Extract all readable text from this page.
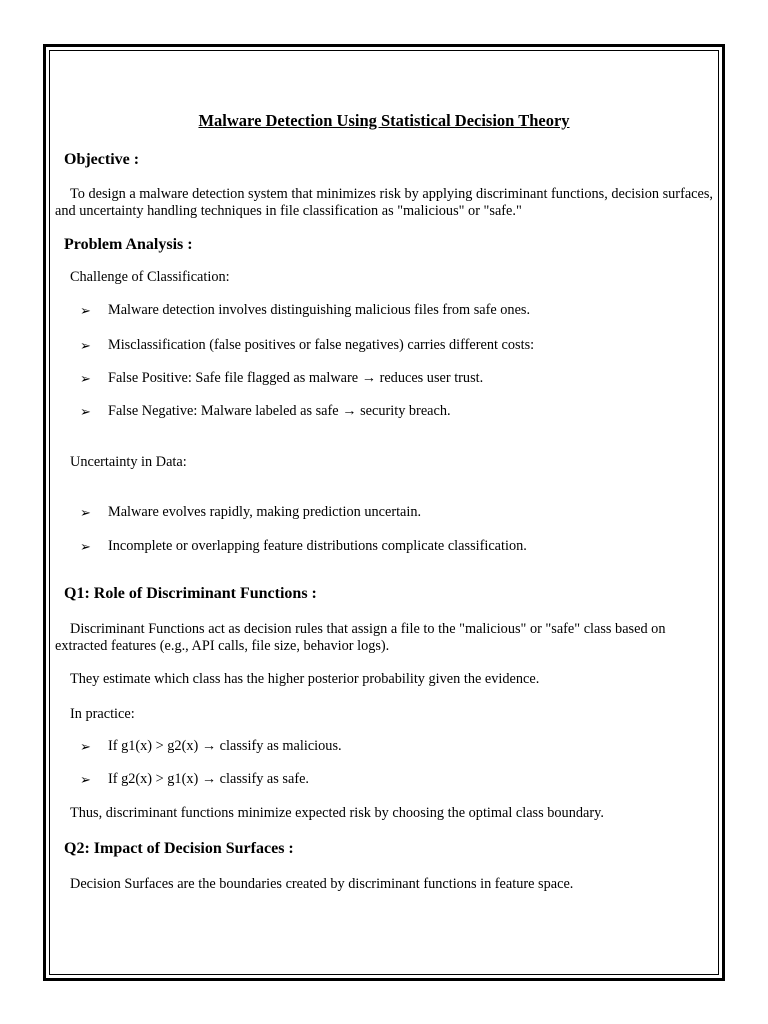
Malware Detection Using Statistical Decision Theory
Objective :
To design a malware detection system that minimizes risk by applying discriminant functions, decision surfaces, and uncertainty handling techniques in file classification as "malicious" or "safe."
Problem Analysis :
Challenge of Classification:
➢	Malware detection involves distinguishing malicious files from safe ones.
➢	Misclassification (false positives or false negatives) carries different costs:
➢	False Positive: Safe file flagged as malware → reduces user trust.
➢	False Negative: Malware labeled as safe → security breach.
Uncertainty in Data:
➢	Malware evolves rapidly, making prediction uncertain.
➢	Incomplete or overlapping feature distributions complicate classification.
Q1: Role of Discriminant Functions :
Discriminant Functions act as decision rules that assign a file to the "malicious" or "safe" class based on extracted features (e.g., API calls, file size, behavior logs).
They estimate which class has the higher posterior probability given the evidence.
In practice:
➢	If g1(x) > g2(x) → classify as malicious.
➢	If g2(x) > g1(x) → classify as safe.
Thus, discriminant functions minimize expected risk by choosing the optimal class boundary.
Q2: Impact of Decision Surfaces :
Decision Surfaces are the boundaries created by discriminant functions in feature space.
